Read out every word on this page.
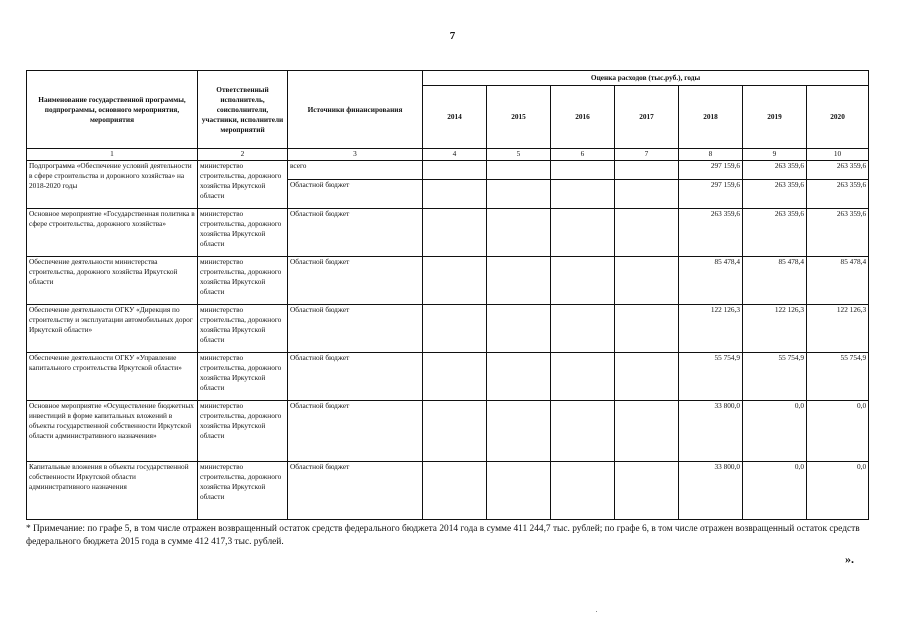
7
Наименование государственной программы, подпрограммы, основного мероприятия, мероприятия	Ответственный исполнитель, соисполнители, участники, исполнители мероприятий	Источники финансирования	Оценка расходов (тыс.руб.), годы						
			2014	2015	2016	2017	2018	2019	2020
1	2	3	4	5	6	7	8	9	10
Подпрограмма «Обеспечение условий деятельности в сфере строительства и дорожного хозяйства» на 2018-2020 годы	министерство строительства, дорожного хозяйства Иркутской области	всего					297 159,6	263 359,6	263 359,6
		Областной бюджет					297 159,6	263 359,6	263 359,6
Основное мероприятие «Государственная политика в сфере строительства, дорожного хозяйства»	министерство строительства, дорожного хозяйства Иркутской области	Областной бюджет					263 359,6	263 359,6	263 359,6
Обеспечение деятельности министерства строительства, дорожного хозяйства Иркутской области	министерство строительства, дорожного хозяйства Иркутской области	Областной бюджет					85 478,4	85 478,4	85 478,4
Обеспечение деятельности ОГКУ «Дирекция по строительству и эксплуатации автомобильных дорог Иркутской области»	министерство строительства, дорожного хозяйства Иркутской области	Областной бюджет					122 126,3	122 126,3	122 126,3
Обеспечение деятельности ОГКУ «Управление капитального строительства Иркутской области»	министерство строительства, дорожного хозяйства Иркутской области	Областной бюджет					55 754,9	55 754,9	55 754,9
Основное мероприятие «Осуществление бюджетных инвестиций в форме капитальных вложений в объекты государственной собственности Иркутской области административного назначения»	министерство строительства, дорожного хозяйства Иркутской области	Областной бюджет					33 800,0	0,0	0,0
Капитальные вложения в объекты государственной собственности Иркутской области административного назначения	министерство строительства, дорожного хозяйства Иркутской области	Областной бюджет					33 800,0	0,0	0,0
* Примечание: по графе 5, в том числе отражен возвращенный остаток средств федерального бюджета 2014 года в сумме 411 244,7 тыс. рублей; по графе 6, в том числе отражен возвращенный остаток средств федерального бюджета 2015 года в сумме 412 417,3 тыс. рублей.
».
